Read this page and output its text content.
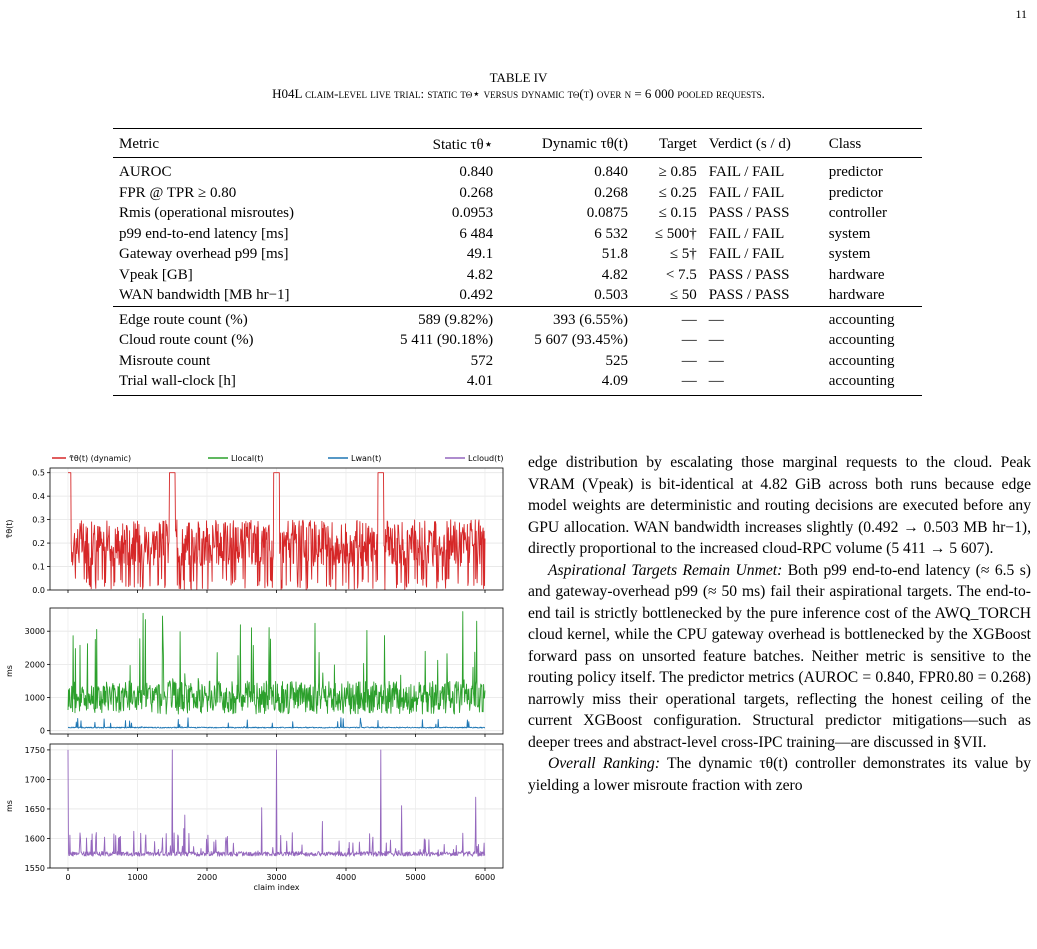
11
TABLE IV
H04L claim-level live trial: static τθ⋆ versus dynamic τθ(t) over n = 6 000 pooled requests.
Metric	Static τθ⋆	Dynamic τθ(t)	Target	Verdict (s / d)	Class
AUROC	0.840	0.840	≥ 0.85	FAIL / FAIL	predictor
FPR @ TPR ≥ 0.80	0.268	0.268	≤ 0.25	FAIL / FAIL	predictor
Rmis (operational misroutes)	0.0953	0.0875	≤ 0.15	PASS / PASS	controller
p99 end-to-end latency [ms]	6 484	6 532	≤ 500†	FAIL / FAIL	system
Gateway overhead p99 [ms]	49.1	51.8	≤ 5†	FAIL / FAIL	system
Vpeak [GB]	4.82	4.82	< 7.5	PASS / PASS	hardware
WAN bandwidth [MB hr−1]	0.492	0.503	≤ 50	PASS / PASS	hardware
Edge route count (%)	589 (9.82%)	393 (6.55%)	—	—	accounting
Cloud route count (%)	5 411 (90.18%)	5 607 (93.45%)	—	—	accounting
Misroute count	572	525	—	—	accounting
Trial wall-clock [h]	4.01	4.09	—	—	accounting
τ̃θ(t) (dynamic)	Llocal(t)	Lwan(t)	Lcloud(t)
0.0
0.1
0.2
0.3
0.4
0.5
τ̃θ(t)
0
1000
2000
3000
ms
1550
1600
1650
1700
1750
ms
0	1000	2000	3000	4000	5000	6000
claim index

edge distribution by escalating those marginal requests to the cloud. Peak VRAM (Vpeak) is bit-identical at 4.82 GiB across both runs because edge model weights are deterministic and routing decisions are executed before any GPU allocation. WAN bandwidth increases slightly (0.492 → 0.503 MB hr−1), directly proportional to the increased cloud-RPC volume (5 411 → 5 607).

Aspirational Targets Remain Unmet: Both p99 end-to-end latency (≈ 6.5 s) and gateway-overhead p99 (≈ 50 ms) fail their aspirational targets. The end-to-end tail is strictly bottlenecked by the pure inference cost of the AWQ_TORCH cloud kernel, while the CPU gateway overhead is bottlenecked by the XGBoost forward pass on unsorted feature batches. Neither metric is sensitive to the routing policy itself. The predictor metrics (AUROC = 0.840, FPR0.80 = 0.268) narrowly miss their operational targets, reflecting the honest ceiling of the current XGBoost configuration. Structural predictor mitigations—such as deeper trees and abstract-level cross-IPC training—are discussed in §VII.

Overall Ranking: The dynamic τθ(t) controller demonstrates its value by yielding a lower misroute fraction with zero
